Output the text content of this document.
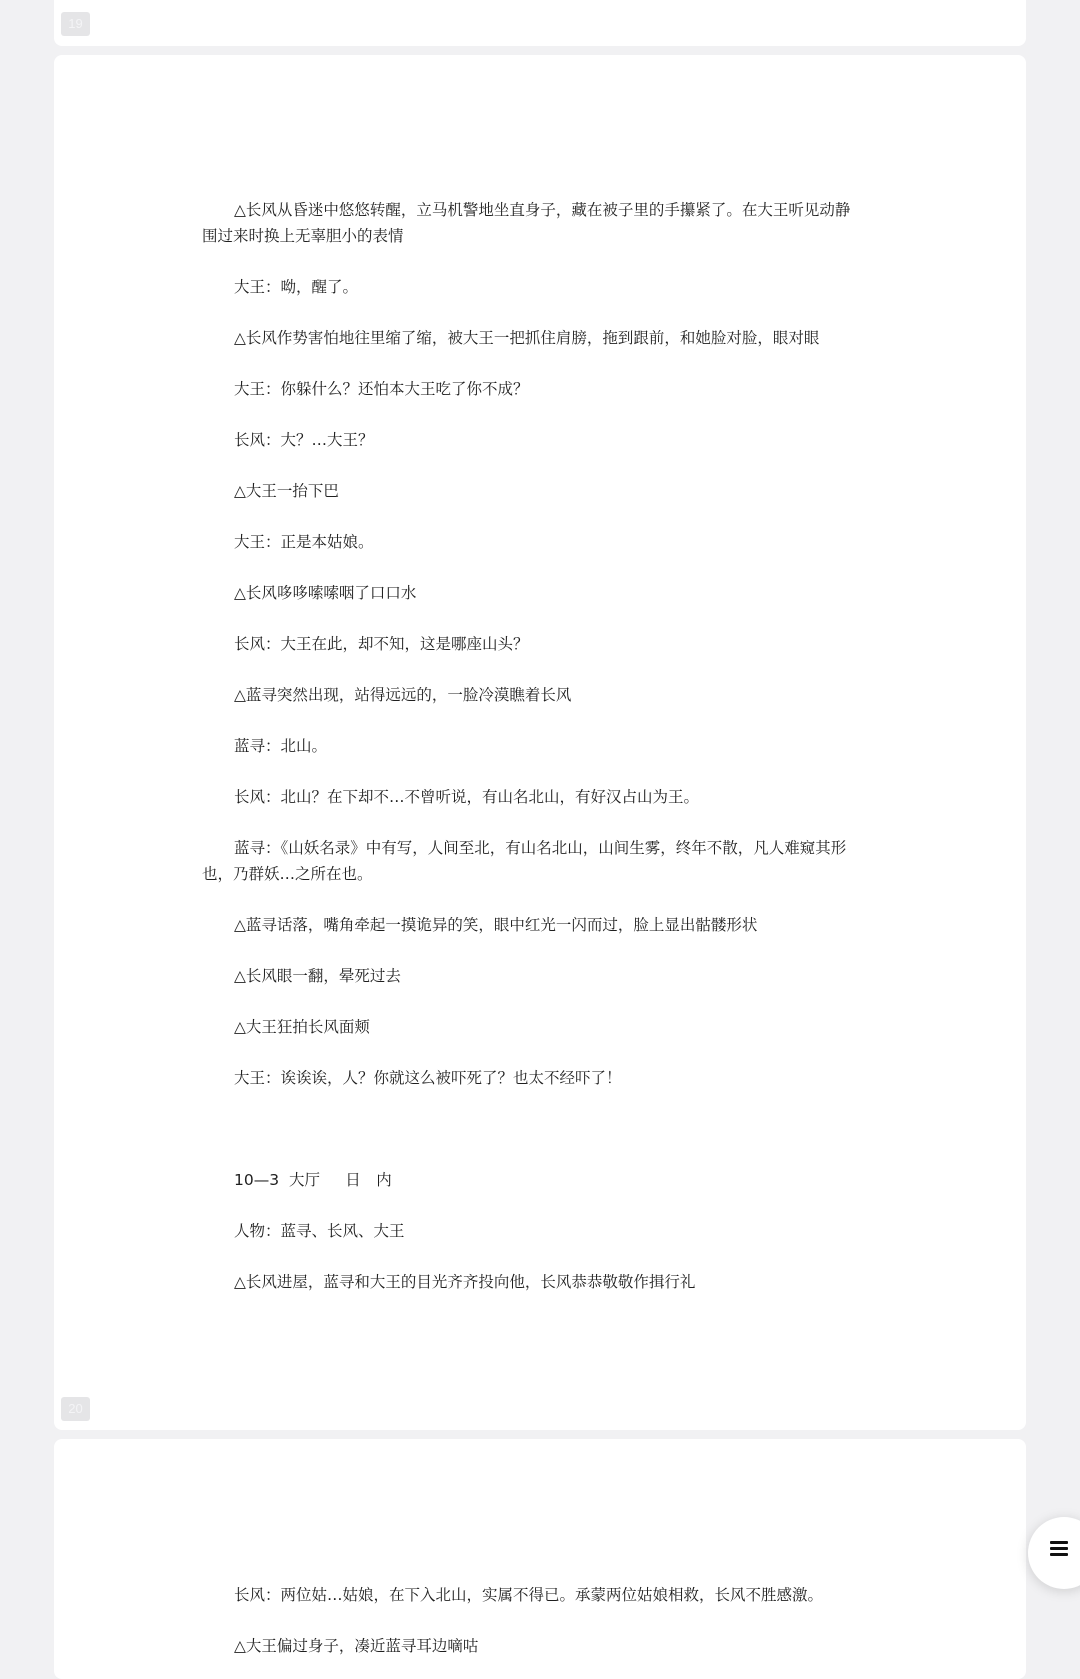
19
△长风从昏迷中悠悠转醒，立马机警地坐直身子，藏在被子里的手攥紧了。在大王听见动静
围过来时换上无辜胆小的表情
大王：呦，醒了。
△长风作势害怕地往里缩了缩，被大王一把抓住肩膀，拖到跟前，和她脸对脸，眼对眼
大王：你躲什么？还怕本大王吃了你不成？
长风：大？…大王？
△大王一抬下巴
大王：正是本姑娘。
△长风哆哆嗦嗦咽了口口水
长风：大王在此，却不知，这是哪座山头？
△蓝寻突然出现，站得远远的，一脸冷漠瞧着长风
蓝寻：北山。
长风：北山？在下却不…不曾听说，有山名北山，有好汉占山为王。
蓝寻：《山妖名录》中有写，人间至北，有山名北山，山间生雾，终年不散，凡人难窥其形
也，乃群妖…之所在也。
△蓝寻话落，嘴角牵起一摸诡异的笑，眼中红光一闪而过，脸上显出骷髅形状
△长风眼一翻，晕死过去
△大王狂拍长风面颊
大王：诶诶诶，人？你就这么被吓死了？也太不经吓了！
10—3  大厅　  日　内
人物：蓝寻、长风、大王
△长风进屋，蓝寻和大王的目光齐齐投向他，长风恭恭敬敬作揖行礼
20
长风：两位姑…姑娘，在下入北山，实属不得已。承蒙两位姑娘相救，长风不胜感激。
△大王偏过身子，凑近蓝寻耳边嘀咕
